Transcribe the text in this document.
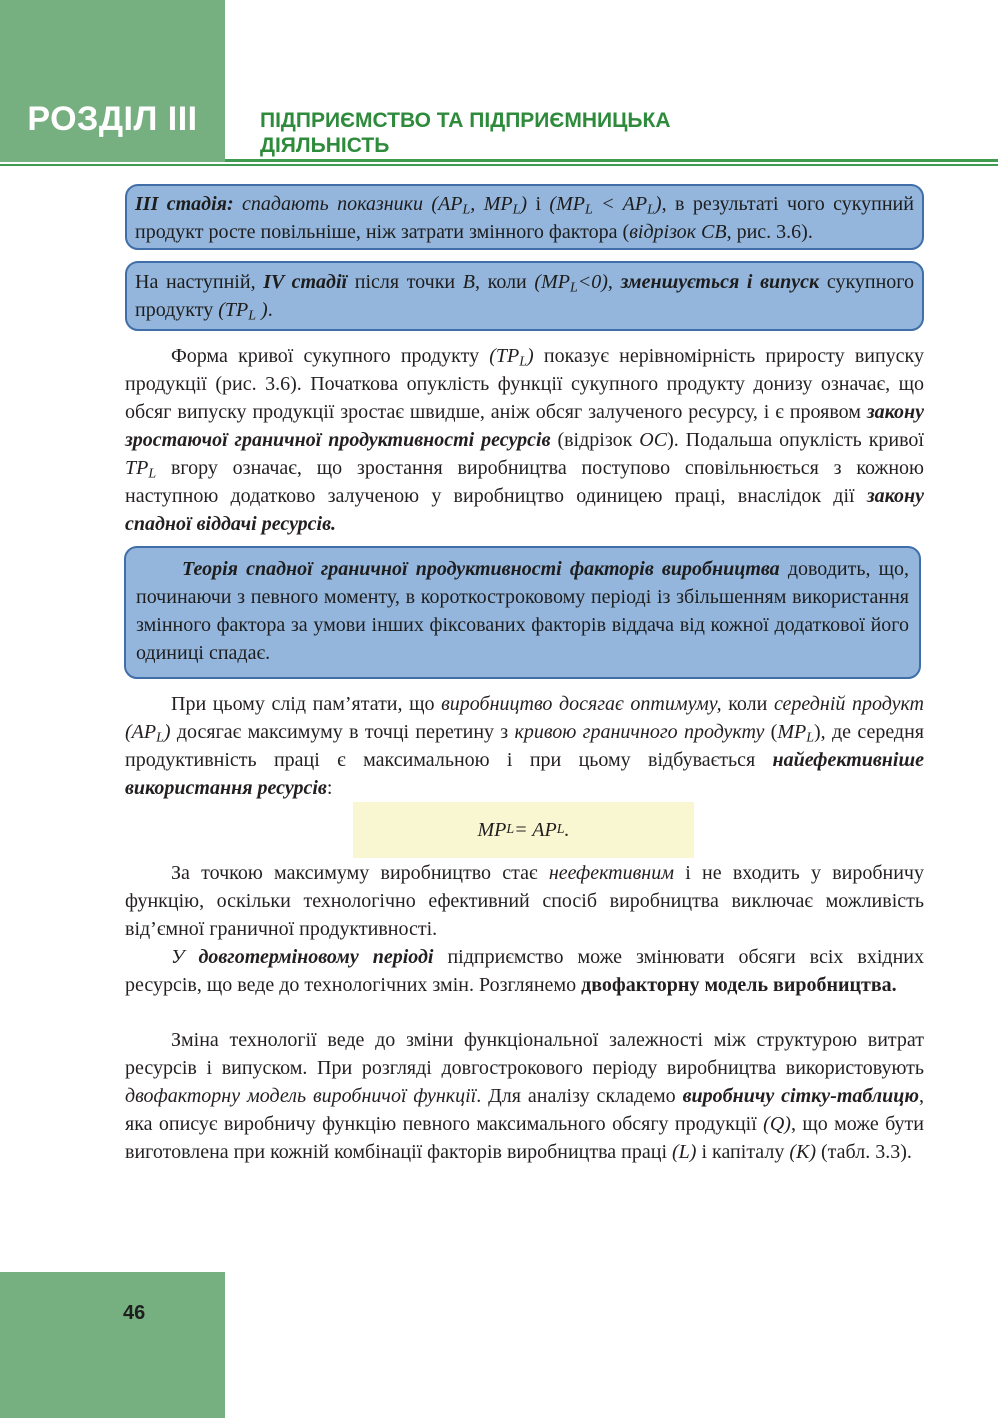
РОЗДІЛ ІІІ	ПІДПРИЄМСТВО ТА ПІДПРИЄМНИЦЬКА
ДІЯЛЬНІСТЬ
ІІІ стадія: спадають показники ($AP_L$, $MP_L$) і $(MP_L < AP_L)$, в результаті чого сукупний продукт росте повільніше, ніж затрати змінного фактора (відрізок СВ, рис. 3.6).
На наступній, IV стадії після точки B, коли $(MP_L<0)$, зменшується і випуск сукупного продукту ($TP_L$ ).
Форма кривої сукупного продукту $(TP_L)$ показує нерівномірність приросту випуску продукції (рис. 3.6). Початкова опуклість функції сукупного продукту донизу означає, що обсяг випуску продукції зростає швидше, аніж обсяг залученого ресурсу, і є проявом закону зростаючої граничної продуктивності ресурсів (відрізок ОС). Подальша опуклість кривої $TP_L$ вгору означає, що зростання виробництва поступово сповільнюється з кожною наступною додатково залученою у виробництво одиницею праці, внаслідок дії закону спадної віддачі ресурсів.
Теорія спадної граничної продуктивності факторів виробництва доводить, що, починаючи з певного моменту, в короткостроковому періоді із збільшенням використання змінного фактора за умови інших фіксованих факторів віддача від кожної додаткової його одиниці спадає.
При цьому слід пам’ятати, що виробництво досягає оптимуму, коли середній продукт $(AP_L)$ досягає максимуму в точці перетину з кривою граничного продукту $(MP_L)$, де середня продуктивність праці є максимальною і при цьому відбувається найефективніше використання ресурсів:
MP L = AP L .
За точкою максимуму виробництво стає неефективним і не входить у виробничу функцію, оскільки технологічно ефективний спосіб виробництва виключає можливість від’ємної граничної продуктивності.
У довготерміновому періоді підприємство може змінювати обсяги всіх вхідних ресурсів, що веде до технологічних змін. Розглянемо двофакторну модель виробництва.
Зміна технології веде до зміни функціональної залежності між структурою витрат ресурсів і випуском. При розгляді довгострокового періоду виробництва використовують двофакторну модель виробничої функції. Для аналізу складемо виробничу сітку-таблицю, яка описує виробничу функцію певного максимального обсягу продукції (Q), що може бути виготовлена при кожній комбінації факторів виробництва праці (L) і капіталу (K) (табл. 3.3).
46
